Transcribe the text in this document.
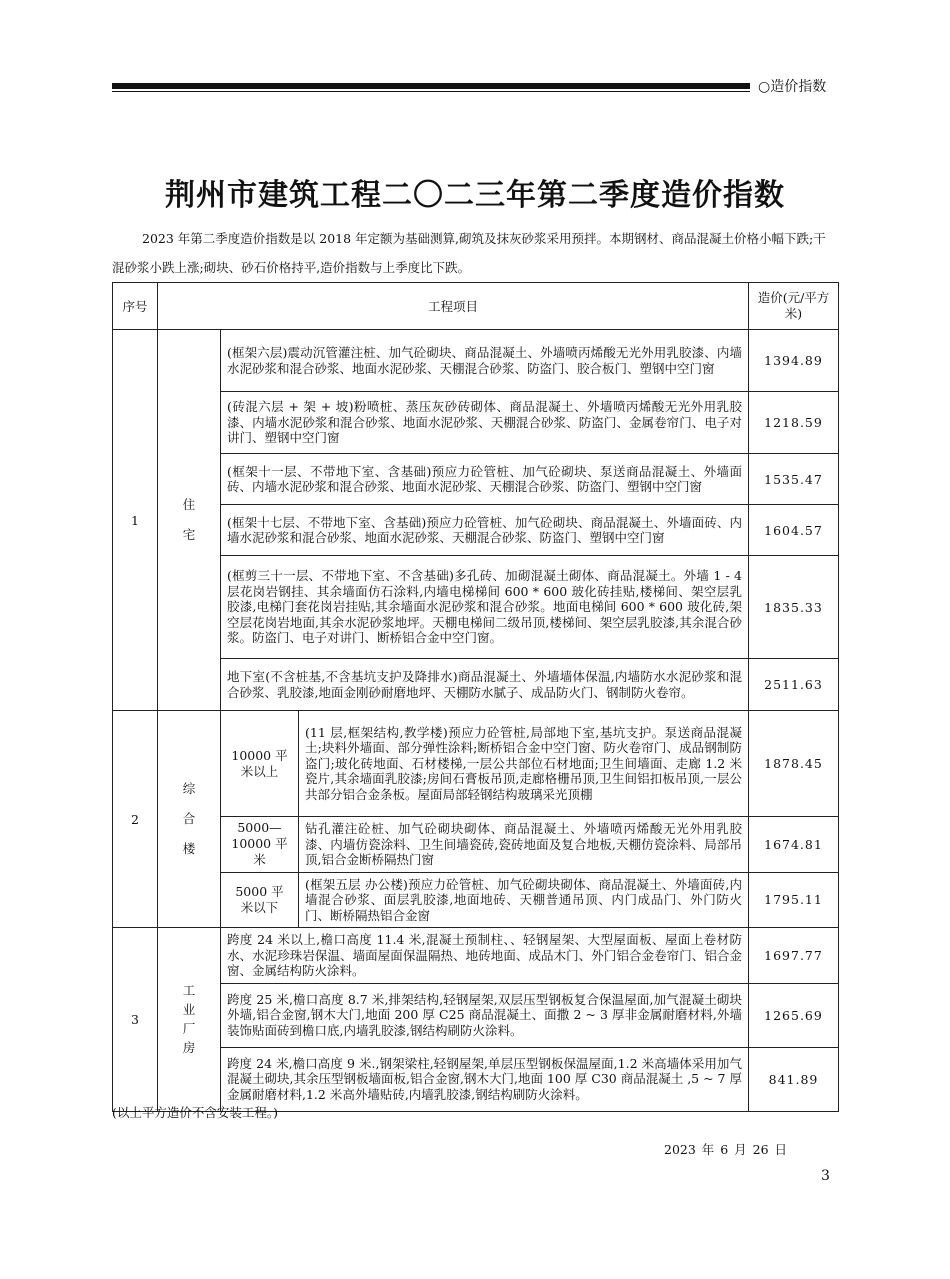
○造价指数
荆州市建筑工程二〇二三年第二季度造价指数

2023 年第二季度造价指数是以 2018 年定额为基础测算,砌筑及抹灰砂浆采用预拌。本期钢材、商品混凝土价格小幅下跌;干混砂浆小跌上涨;砌块、砂石价格持平,造价指数与上季度比下跌。

序号	工程项目			造价(元/平方米)
1	住宅	(框架六层)震动沉管灌注桩、加气砼砌块、商品混凝土、外墙喷丙烯酸无光外用乳胶漆、内墙水泥砂浆和混合砂浆、地面水泥砂浆、天棚混合砂浆、防盗门、胶合板门、塑钢中空门窗		1394.89
		(砖混六层 + 架 + 坡)粉喷桩、蒸压灰砂砖砌体、商品混凝土、外墙喷丙烯酸无光外用乳胶漆、内墙水泥砂浆和混合砂浆、地面水泥砂浆、天棚混合砂浆、防盗门、金属卷帘门、电子对讲门、塑钢中空门窗		1218.59
		(框架十一层、不带地下室、含基础)预应力砼管桩、加气砼砌块、泵送商品混凝土、外墙面砖、内墙水泥砂浆和混合砂浆、地面水泥砂浆、天棚混合砂浆、防盗门、塑钢中空门窗		1535.47
		(框架十七层、不带地下室、含基础)预应力砼管桩、加气砼砌块、商品混凝土、外墙面砖、内墙水泥砂浆和混合砂浆、地面水泥砂浆、天棚混合砂浆、防盗门、塑钢中空门窗		1604.57
		(框剪三十一层、不带地下室、不含基础)多孔砖、加砌混凝土砌体、商品混凝土。外墙 1 - 4 层花岗岩钢挂、其余墙面仿石涂料,内墙电梯梯间 600 * 600 玻化砖挂贴,楼梯间、架空层乳胶漆,电梯门套花岗岩挂贴,其余墙面水泥砂浆和混合砂浆。地面电梯间 600 * 600 玻化砖,架空层花岗岩地面,其余水泥砂浆地坪。天棚电梯间二级吊顶,楼梯间、架空层乳胶漆,其余混合砂浆。防盗门、电子对讲门、断桥铝合金中空门窗。		1835.33
		地下室(不含桩基,不含基坑支护及降排水)商品混凝土、外墙墙体保温,内墙防水水泥砂浆和混合砂浆、乳胶漆,地面金刚砂耐磨地坪、天棚防水腻子、成品防火门、钢制防火卷帘。		2511.63
2	综合楼	10000 平米以上	(11 层,框架结构,教学楼)预应力砼管桩,局部地下室,基坑支护。泵送商品混凝土;块料外墙面、部分弹性涂料;断桥铝合金中空门窗、防火卷帘门、成品钢制防盗门;玻化砖地面、石材楼梯,一层公共部位石材地面;卫生间墙面、走廊 1.2 米瓷片,其余墙面乳胶漆;房间石膏板吊顶,走廊格栅吊顶,卫生间铝扣板吊顶,一层公共部分铝合金条板。屋面局部轻钢结构玻璃采光顶棚	1878.45
		5000—10000 平米	钻孔灌注砼桩、加气砼砌块砌体、商品混凝土、外墙喷丙烯酸无光外用乳胶漆、内墙仿瓷涂料、卫生间墙瓷砖,瓷砖地面及复合地板,天棚仿瓷涂料、局部吊顶,铝合金断桥隔热门窗	1674.81
		5000 平米以下	(框架五层 办公楼)预应力砼管桩、加气砼砌块砌体、商品混凝土、外墙面砖,内墙混合砂浆、面层乳胶漆,地面地砖、天棚普通吊顶、内门成品门、外门防火门、断桥隔热铝合金窗	1795.11
3	工业厂房	跨度 24 米以上,檐口高度 11.4 米,混凝土预制柱、、轻钢屋架、大型屋面板、屋面上卷材防水、水泥珍珠岩保温、墙面屋面保温隔热、地砖地面、成品木门、外门铝合金卷帘门、铝合金窗、金属结构防火涂料。		1697.77
		跨度 25 米,檐口高度 8.7 米,排架结构,轻钢屋架,双层压型钢板复合保温屋面,加气混凝土砌块外墙,铝合金窗,钢木大门,地面 200 厚 C25 商品混凝土、面撒 2 ~ 3 厚非金属耐磨材料,外墙装饰贴面砖到檐口底,内墙乳胶漆,钢结构刷防火涂料。		1265.69
		跨度 24 米,檐口高度 9 米.,钢架梁柱,轻钢屋架,单层压型钢板保温屋面,1.2 米高墙体采用加气混凝土砌块,其余压型钢板墙面板,铝合金窗,钢木大门,地面 100 厚 C30 商品混凝土 ,5 ~ 7 厚金属耐磨材料,1.2 米高外墙贴砖,内墙乳胶漆,钢结构刷防火涂料。		841.89
(以上平方造价不含安装工程。)
2023 年 6 月 26 日
3
